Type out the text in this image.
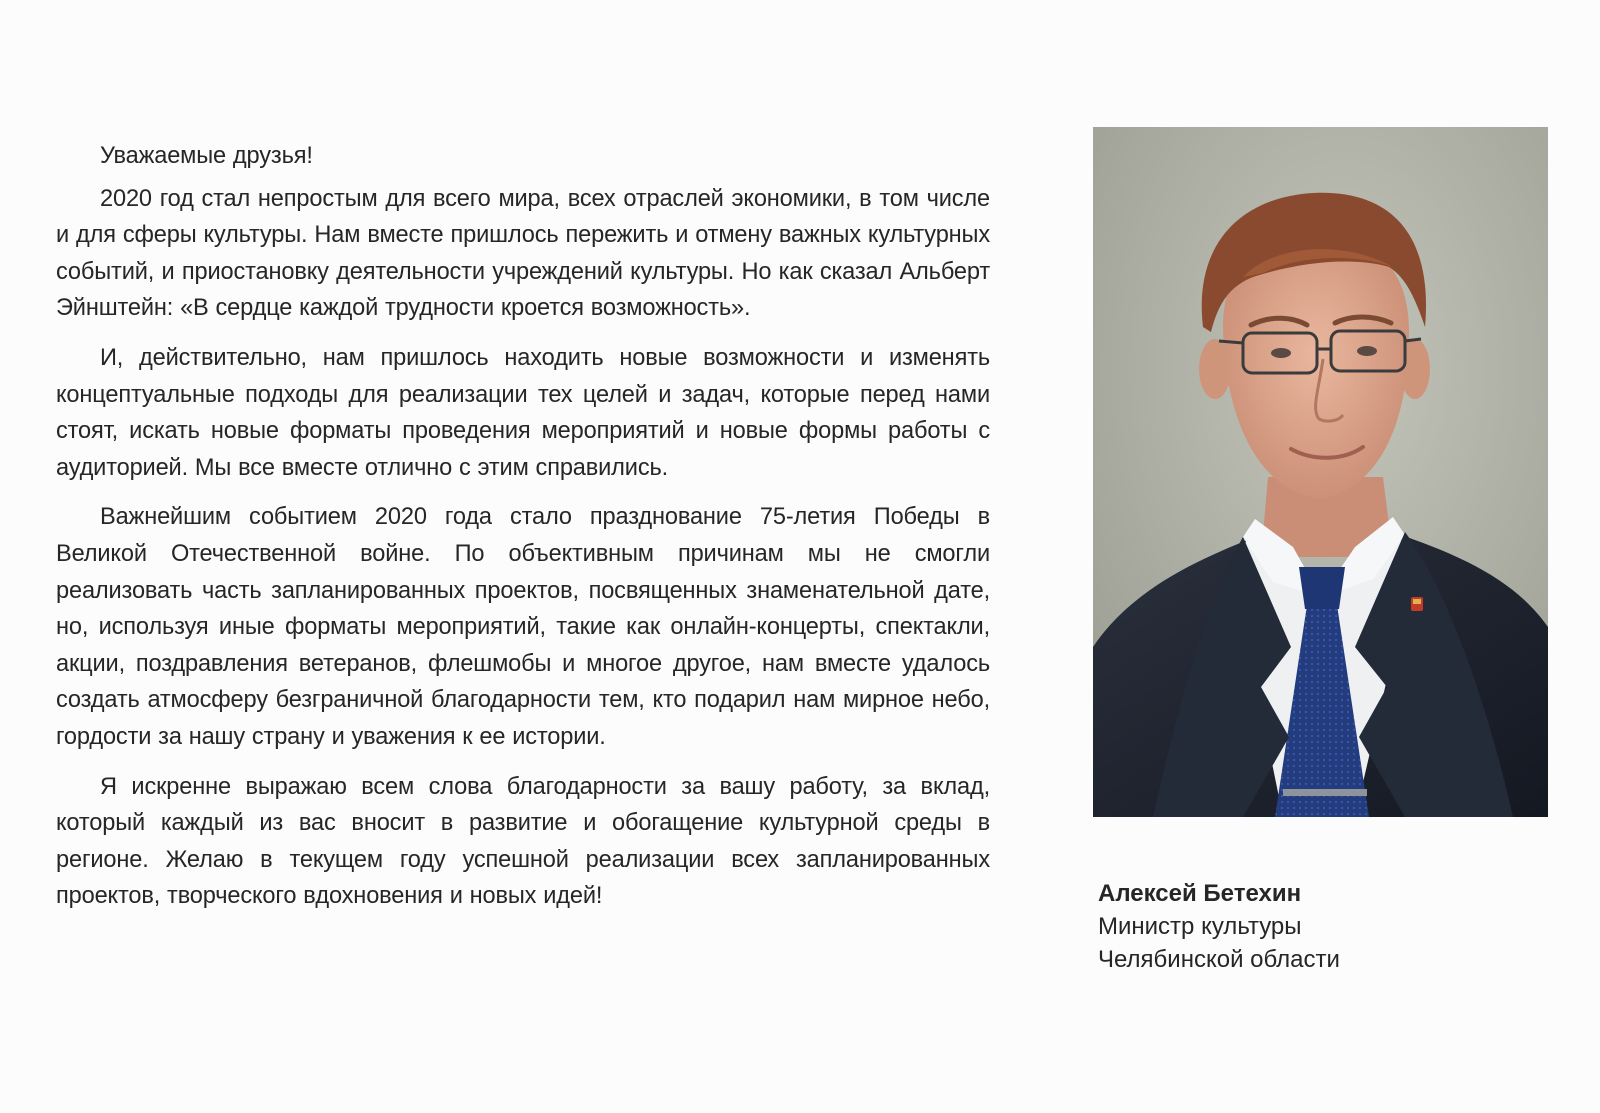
Уважаемые друзья!

2020 год стал непростым для всего мира, всех отраслей экономики, в том числе и для сферы культуры. Нам вместе пришлось пережить и отмену важных культурных событий, и приостановку деятельности учреждений культуры. Но как сказал Альберт Эйнштейн: «В сердце каждой трудности кроется возможность».

И, действительно, нам пришлось находить новые возможности и изменять концептуальные подходы для реализации тех целей и задач, которые перед нами стоят, искать новые форматы проведения мероприятий и новые формы работы с аудиторией. Мы все вместе отлично с этим справились.

Важнейшим событием 2020 года стало празднование 75-летия Победы в Великой Отечественной войне. По объективным причинам мы не смогли реализовать часть запланированных проектов, посвященных знаменательной дате, но, используя иные форматы мероприятий, такие как онлайн-концерты, спектакли, акции, поздравления ветеранов, флешмобы и многое другое, нам вместе удалось создать атмосферу безграничной благодарности тем, кто подарил нам мирное небо, гордости за нашу страну и уважения к ее истории.

Я искренне выражаю всем слова благодарности за вашу работу, за вклад, который каждый из вас вносит в развитие и обогащение культурной среды в регионе. Желаю в текущем году успешной реализации всех запланированных проектов, творческого вдохновения и новых идей!	Алексей Бетехин
Министр культуры
Челябинской области
